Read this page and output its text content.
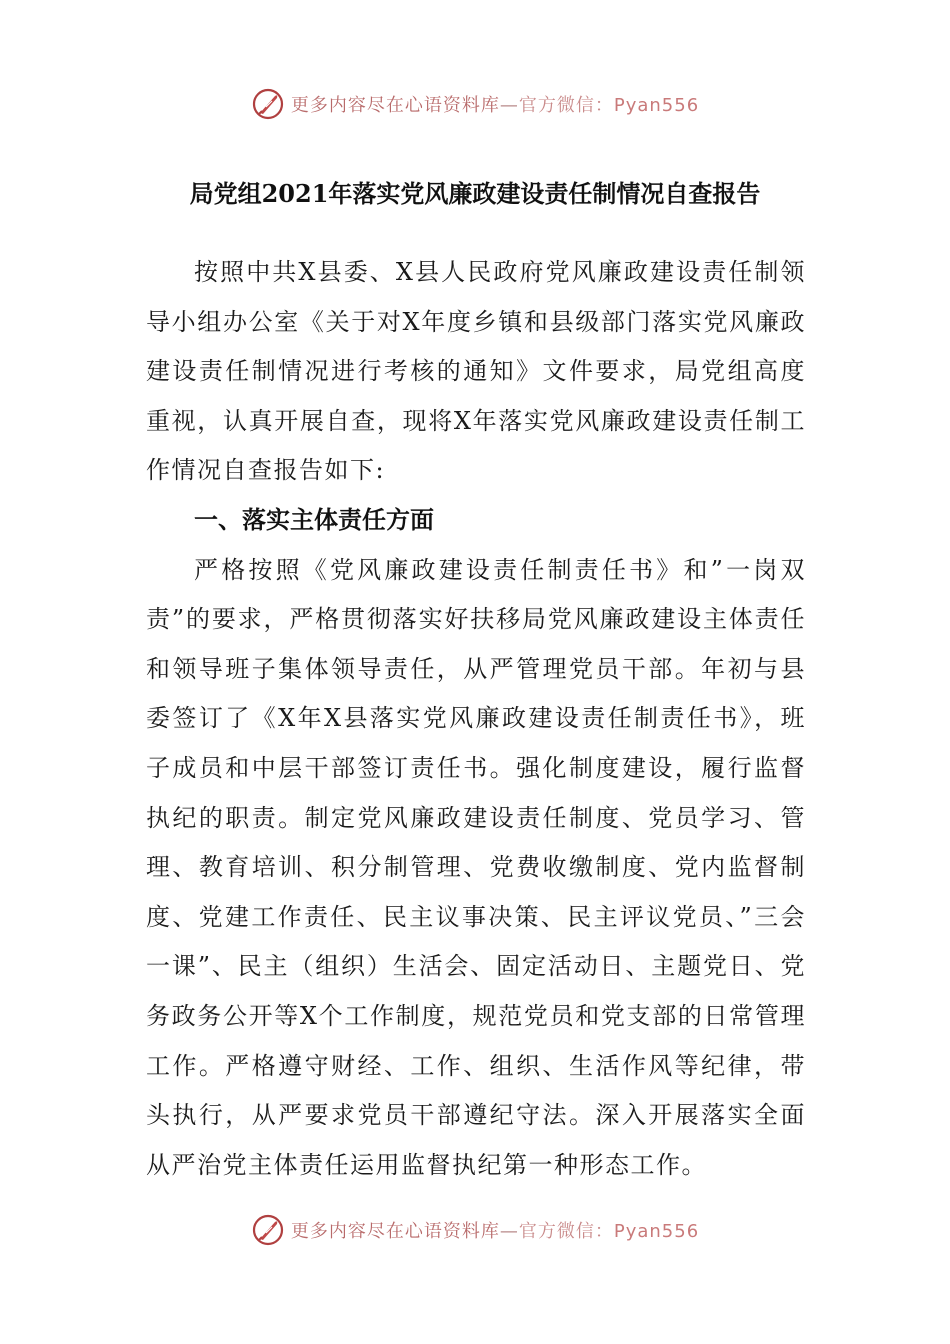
更多内容尽在心语资料库—官方微信：Pyan556
局党组2021年落实党风廉政建设责任制情况自查报告

按照中共X县委、X县人民政府党风廉政建设责任制领导小组办公室《关于对X年度乡镇和县级部门落实党风廉政建设责任制情况进行考核的通知》文件要求，局党组高度重视，认真开展自查，现将X年落实党风廉政建设责任制工作情况自查报告如下:

一、落实主体责任方面

严格按照《党风廉政建设责任制责任书》和”一岗双责”的要求，严格贯彻落实好扶移局党风廉政建设主体责任和领导班子集体领导责任，从严管理党员干部。年初与县委签订了《X年X县落实党风廉政建设责任制责任书》，班子成员和中层干部签订责任书。强化制度建设，履行监督执纪的职责。制定党风廉政建设责任制度、党员学习、管理、教育培训、积分制管理、党费收缴制度、党内监督制度、党建工作责任、民主议事决策、民主评议党员、”三会一课”、民主（组织）生活会、固定活动日、主题党日、党务政务公开等X个工作制度，规范党员和党支部的日常管理工作。严格遵守财经、工作、组织、生活作风等纪律，带头执行，从严要求党员干部遵纪守法。深入开展落实全面从严治党主体责任运用监督执纪第一种形态工作。

更多内容尽在心语资料库—官方微信：Pyan556
